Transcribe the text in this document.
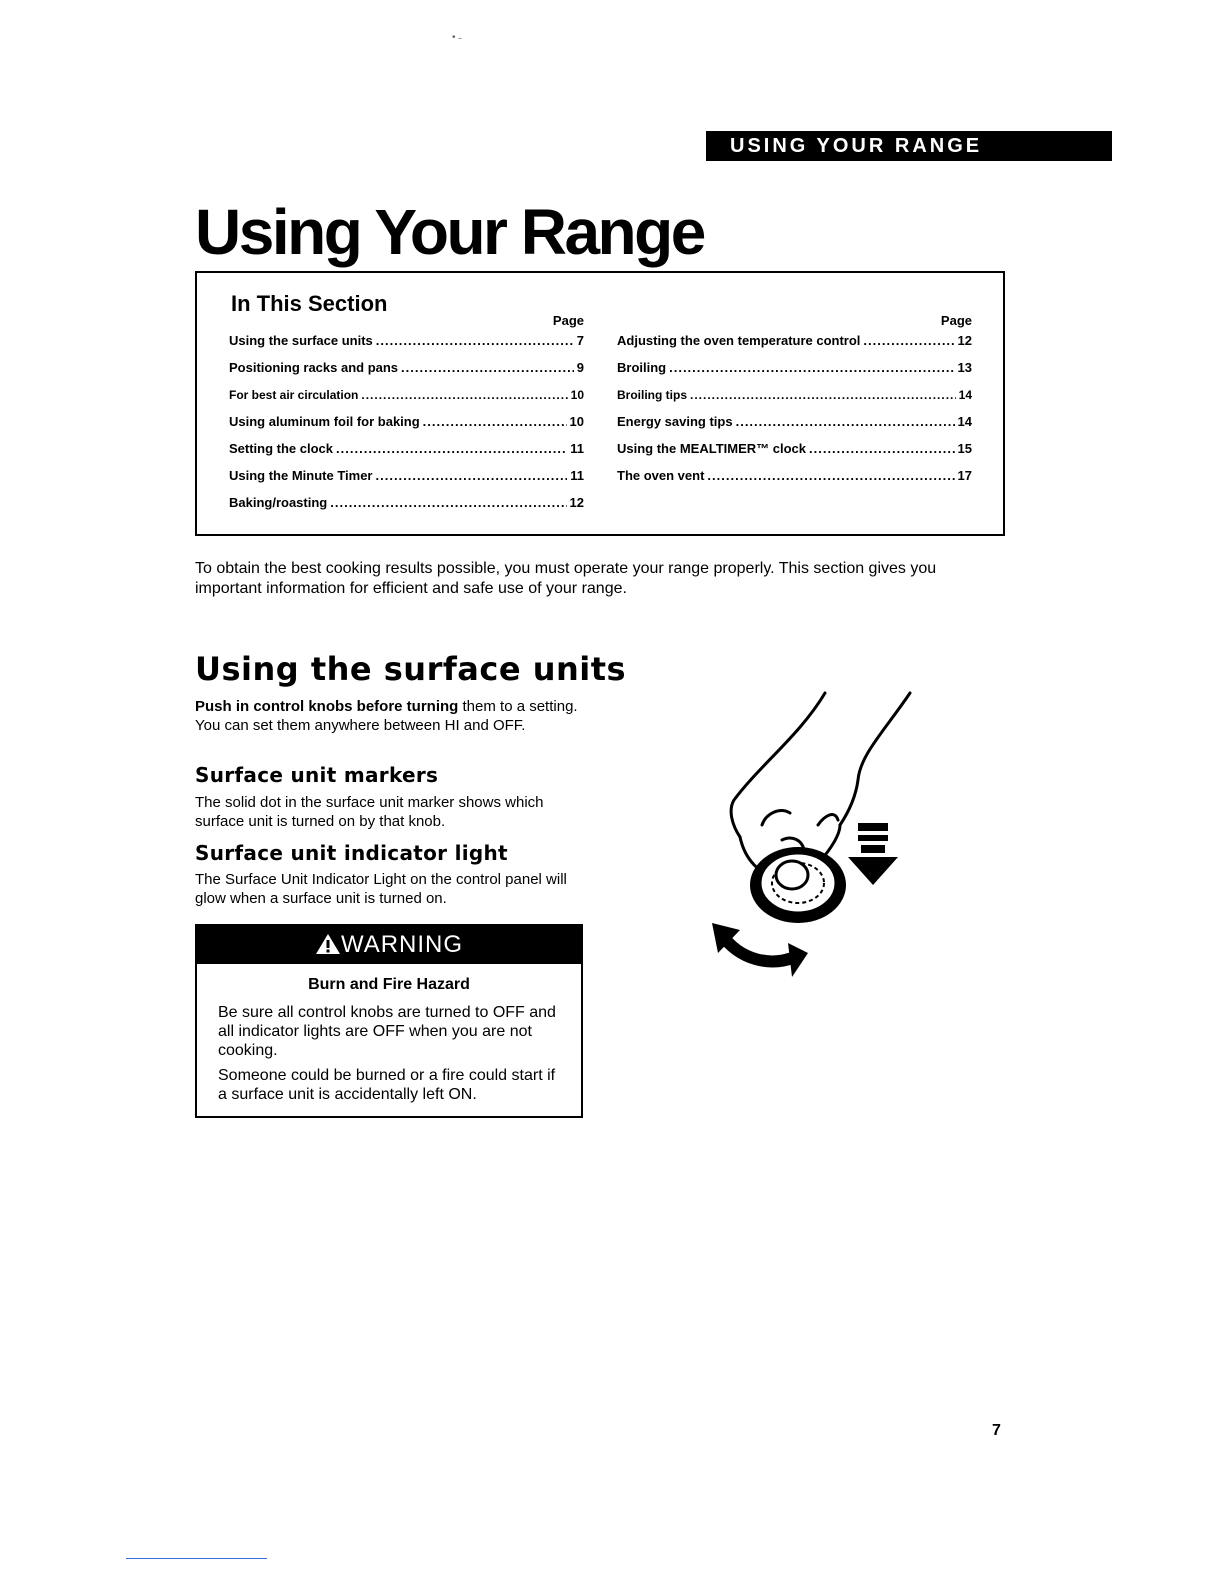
• ˗
USING YOUR RANGE
Using Your Range
In This Section
Page
Using the surface units .....	7
Positioning racks and pans .....	9
For best air circulation .....	10
Using aluminum foil for baking .....	10
Setting the clock .....	11
Using the Minute Timer .....	11
Baking/roasting .....	12
Page
Adjusting the oven temperature control .....	12
Broiling .....	13
Broiling tips .....	14
Energy saving tips .....	14
Using the MEALTIMER™ clock .....	15
The oven vent .....	17
To obtain the best cooking results possible, you must operate your range properly. This section gives you important information for efficient and safe use of your range.
Using the surface units
Push in control knobs before turning them to a setting. You can set them anywhere between HI and OFF.
Surface unit markers
The solid dot in the surface unit marker shows which surface unit is turned on by that knob.
Surface unit indicator light
The Surface Unit Indicator Light on the control panel will glow when a surface unit is turned on.
WARNING
Burn and Fire Hazard
Be sure all control knobs are turned to OFF and all indicator lights are OFF when you are not cooking.
Someone could be burned or a fire could start if a surface unit is accidentally left ON.
7
